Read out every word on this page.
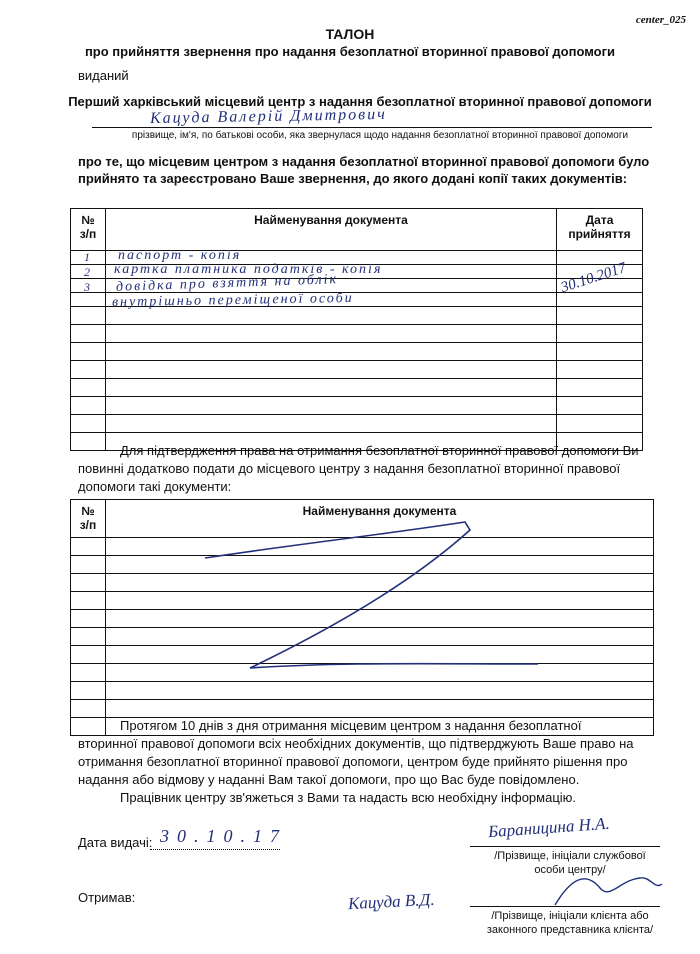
center_025
ТАЛОН
про прийняття звернення про надання безоплатної вторинної правової допомоги
виданий
Перший харківський місцевий центр з надання безоплатної вторинної правової допомоги
Кацуда Валерій Дмитрович
прізвище, ім'я, по батькові особи, яка звернулася щодо надання безоплатної вторинної правової допомоги
про те, що місцевим центром з надання безоплатної вторинної правової допомоги було
прийнято та зареєстровано Ваше звернення, до якого додані копії таких документів:
№
з/п	Найменування документа	Дата
прийняття

1 паспорт - копія
2 картка платника податків - копія
3 довідка про взяття на облік
внутрішньо переміщеної особи
30.10.2017
Для підтвердження права на отримання безоплатної вторинної правової допомоги Ви
повинні додатково подати до місцевого центру з надання безоплатної вторинної правової
допомоги такі документи:
№
з/п	Найменування документа

Протягом 10 днів з дня отримання місцевим центром з надання безоплатної
вторинної правової допомоги всіх необхідних документів, що підтверджують Ваше право на
отримання безоплатної вторинної правової допомоги, центром буде прийнято рішення про
надання або відмову у наданні Вам такої допомоги, про що Вас буде повідомлено.
Працівник центру зв'яжеться з Вами та надасть всю необхідну інформацію.
Дата видачі: 30.10.17	Бараницина Н.А.
/Прізвище, ініціали службової
особи центру/
Отримав:	Кацуда В.Д.
/Прізвище, ініціали клієнта або
законного представника клієнта/
